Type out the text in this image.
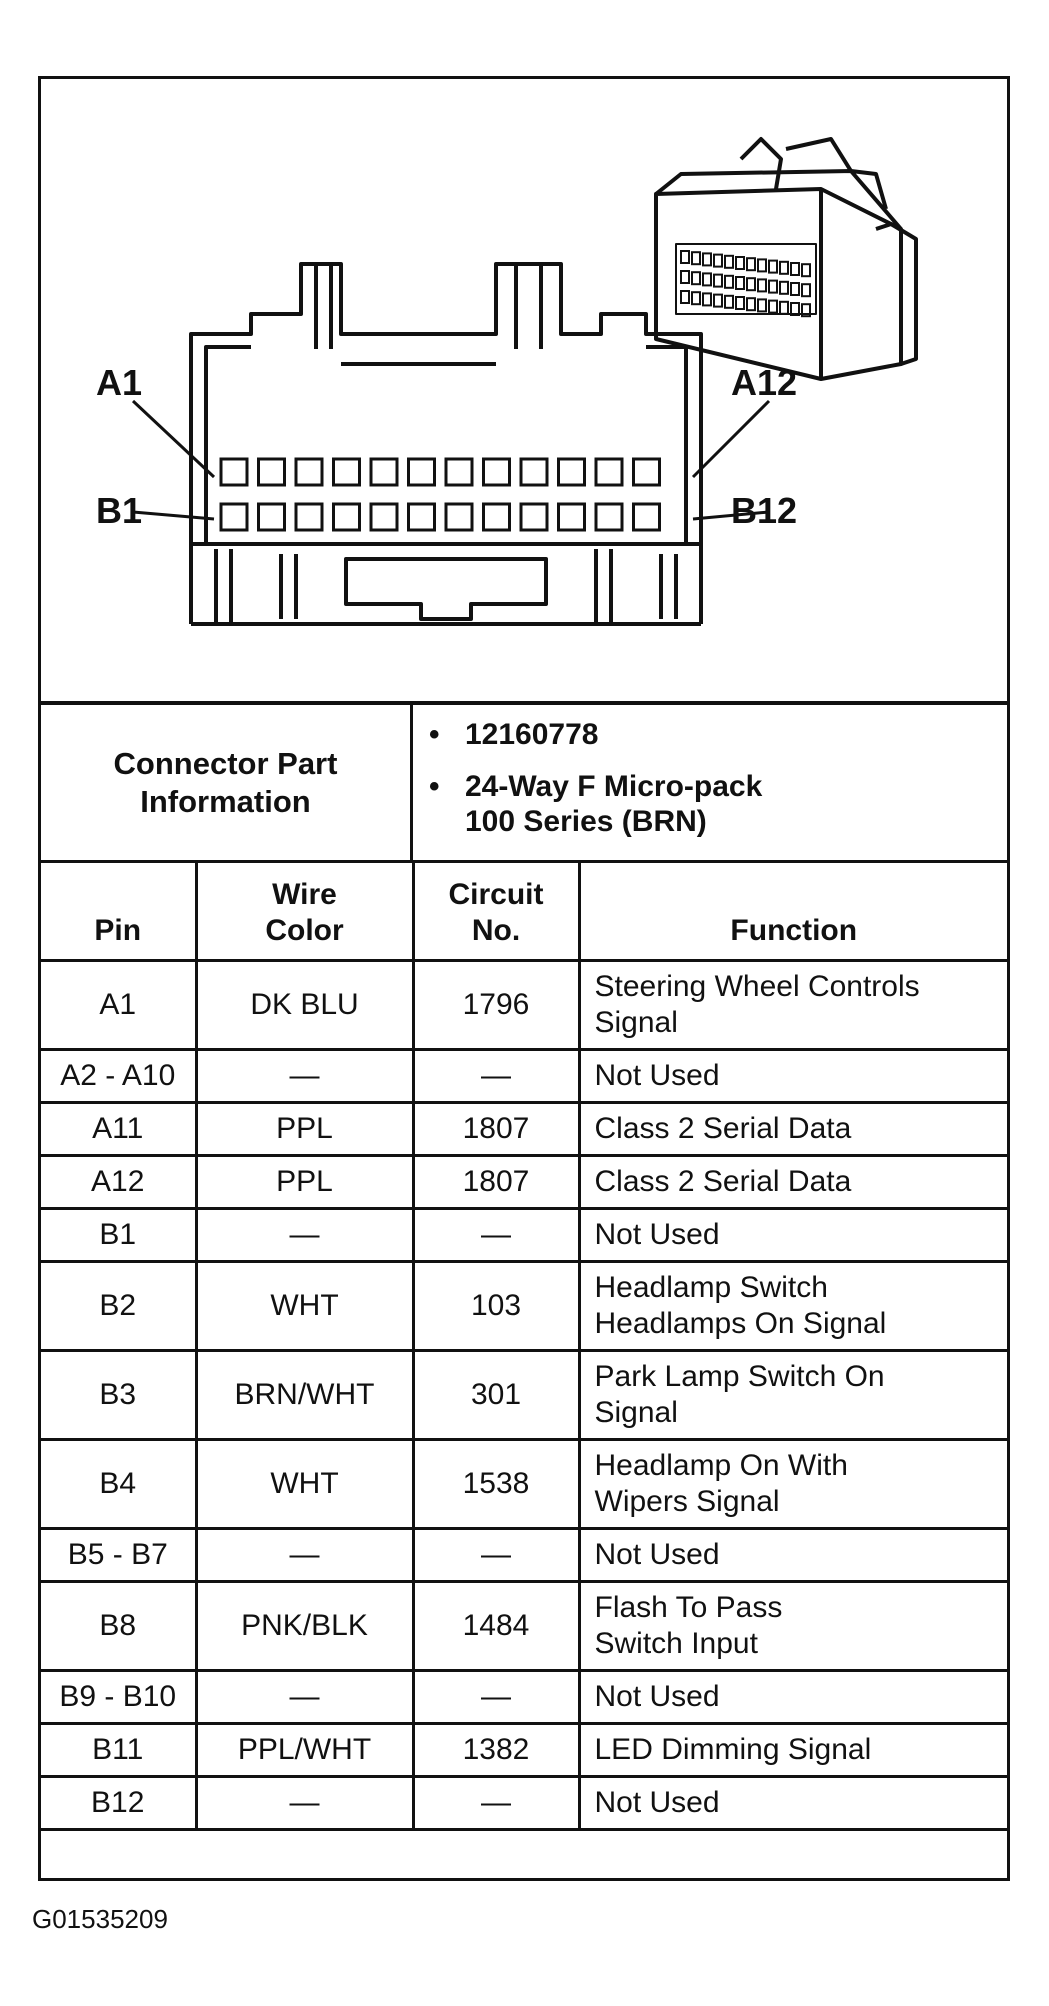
A1	A12
B1	B12
Connector Part Information
• 12160778
• 24-Way F Micro-pack
100 Series (BRN)
Pin	Wire Color	Circuit No.	Function
A1	DK BLU	1796	Steering Wheel Controls
Signal

A2 - A10	—	—	Not Used

A11	PPL	1807	Class 2 Serial Data

A12	PPL	1807	Class 2 Serial Data

B1	—	—	Not Used

B2	WHT	103	Headlamp Switch
Headlamps On Signal

B3	BRN/WHT	301	Park Lamp Switch On
Signal

B4	WHT	1538	Headlamp On With
Wipers Signal

B5 - B7	—	—	Not Used

B8	PNK/BLK	1484	Flash To Pass
Switch Input

B9 - B10	—	—	Not Used

B11	PPL/WHT	1382	LED Dimming Signal

B12	—	—	Not Used
G01535209
